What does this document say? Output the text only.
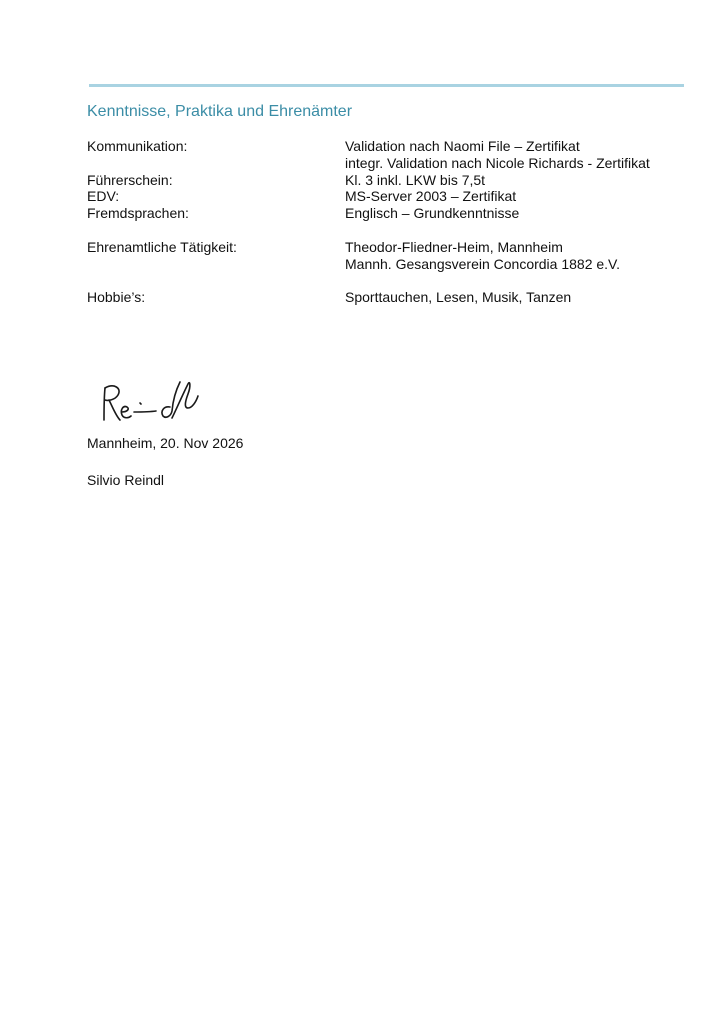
Kenntnisse, Praktika und Ehrenämter
Kommunikation:	Validation nach Naomi File – Zertifikat
integr. Validation nach Nicole Richards - Zertifikat
Führerschein:	Kl. 3 inkl. LKW bis 7,5t
EDV:	MS-Server 2003 – Zertifikat
Fremdsprachen:	Englisch – Grundkenntnisse
Ehrenamtliche Tätigkeit:	Theodor-Fliedner-Heim, Mannheim
Mannh. Gesangsverein Concordia 1882 e.V.
Hobbie’s:	Sporttauchen, Lesen, Musik, Tanzen
Mannheim, 20. Nov 2026
Silvio Reindl
